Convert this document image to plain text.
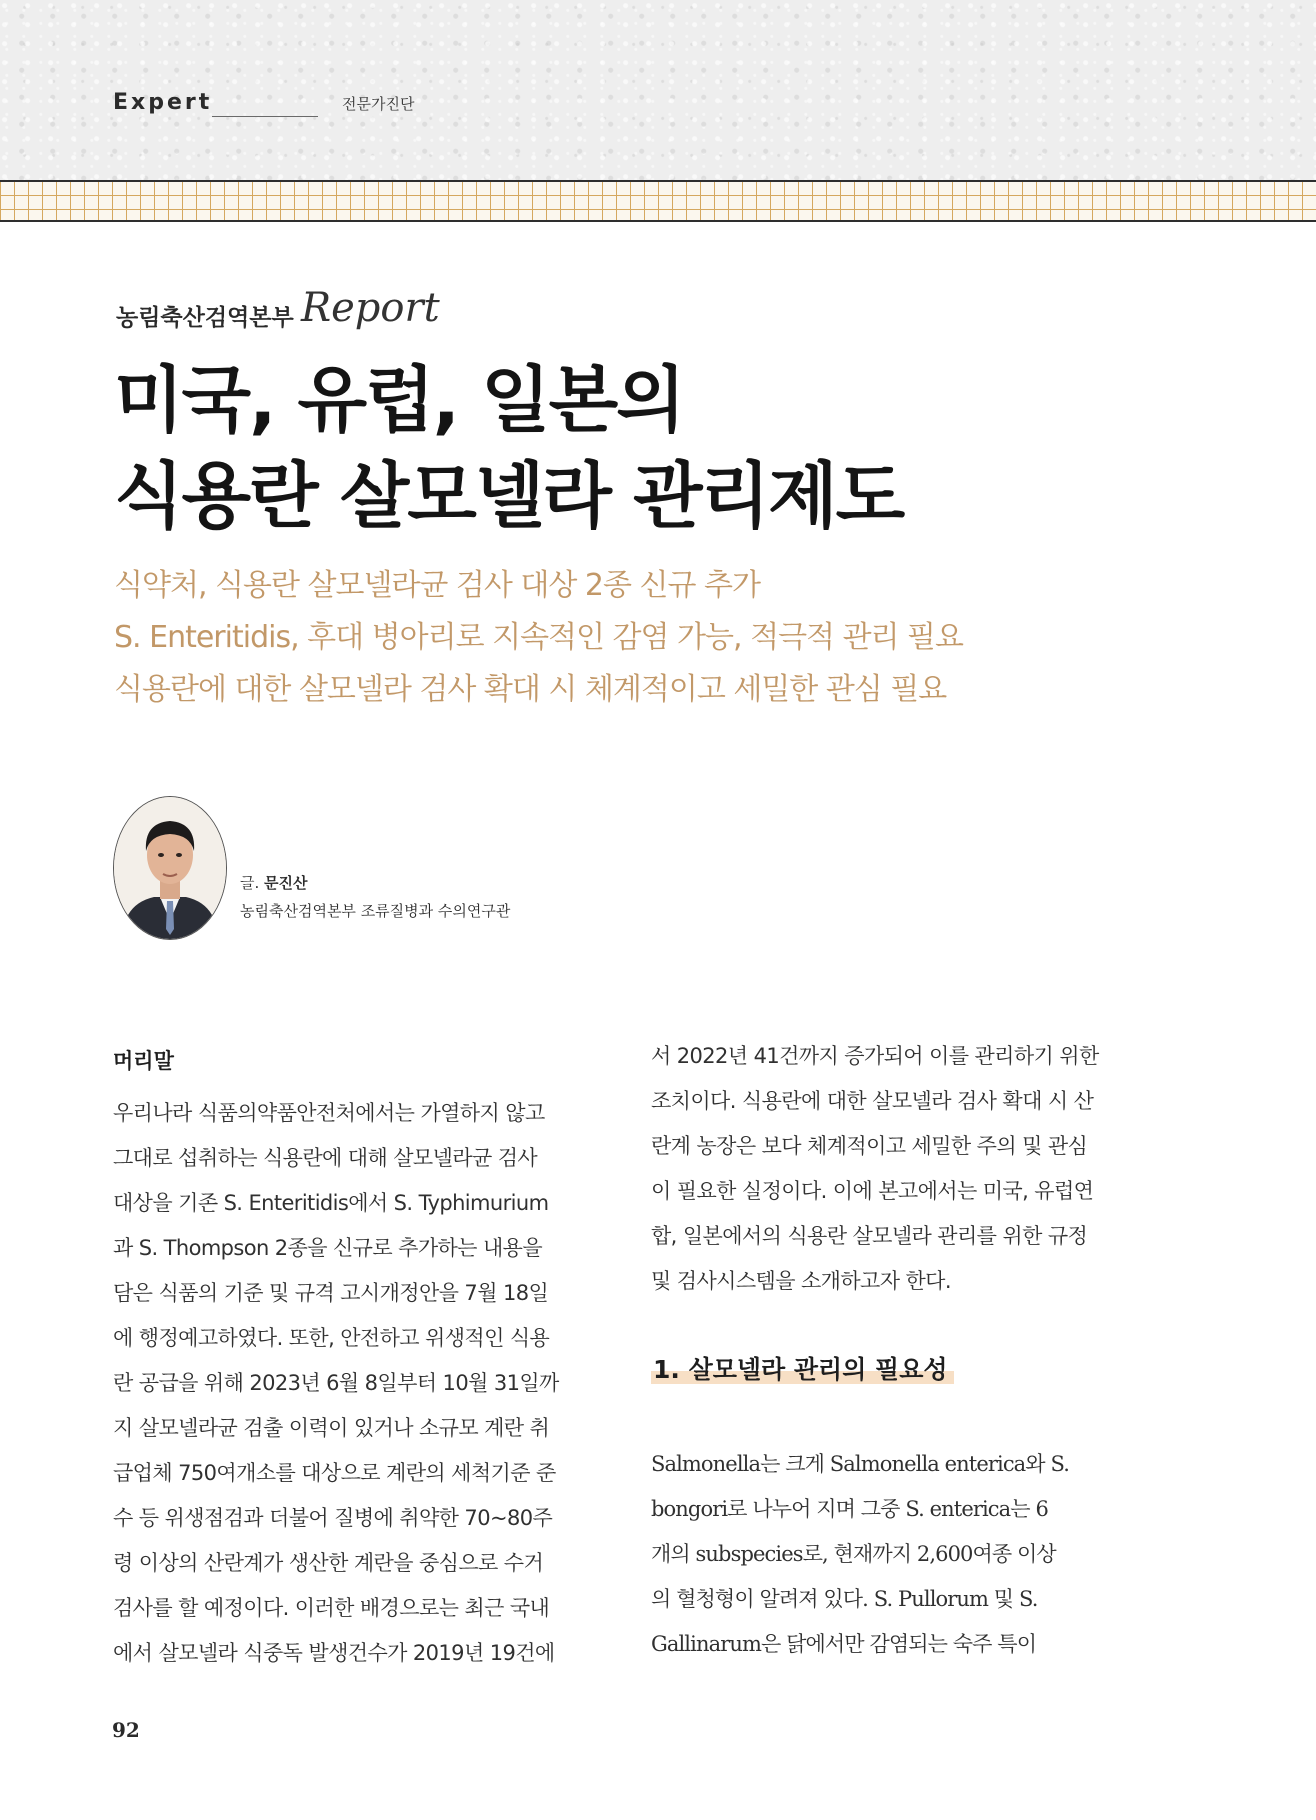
Expert	전문가진단
농림축산검역본부 Report
미국, 유럽, 일본의
식용란 살모넬라 관리제도
식약처, 식용란 살모넬라균 검사 대상 2종 신규 추가
S. Enteritidis, 후대 병아리로 지속적인 감염 가능, 적극적 관리 필요
식용란에 대한 살모넬라 검사 확대 시 체계적이고 세밀한 관심 필요
글. 문진산
농림축산검역본부 조류질병과 수의연구관
머리말
우리나라 식품의약품안전처에서는 가열하지 않고
그대로 섭취하는 식용란에 대해 살모넬라균 검사
대상을 기존 S. Enteritidis에서 S. Typhimurium
과 S. Thompson 2종을 신규로 추가하는 내용을
담은 식품의 기준 및 규격 고시개정안을 7월 18일
에 행정예고하였다. 또한, 안전하고 위생적인 식용
란 공급을 위해 2023년 6월 8일부터 10월 31일까
지 살모넬라균 검출 이력이 있거나 소규모 계란 취
급업체 750여개소를 대상으로 계란의 세척기준 준
수 등 위생점검과 더불어 질병에 취약한 70~80주
령 이상의 산란계가 생산한 계란을 중심으로 수거
검사를 할 예정이다. 이러한 배경으로는 최근 국내
에서 살모넬라 식중독 발생건수가 2019년 19건에
서 2022년 41건까지 증가되어 이를 관리하기 위한
조치이다. 식용란에 대한 살모넬라 검사 확대 시 산
란계 농장은 보다 체계적이고 세밀한 주의 및 관심
이 필요한 실정이다. 이에 본고에서는 미국, 유럽연
합, 일본에서의 식용란 살모넬라 관리를 위한 규정
및 검사시스템을 소개하고자 한다.
1. 살모넬라 관리의 필요성
Salmonella는 크게 Salmonella enterica와 S.
bongori로 나누어 지며 그중 S. enterica는 6
개의 subspecies로, 현재까지 2,600여종 이상
의 혈청형이 알려져 있다. S. Pullorum 및 S.
Gallinarum은 닭에서만 감염되는 숙주 특이
92
